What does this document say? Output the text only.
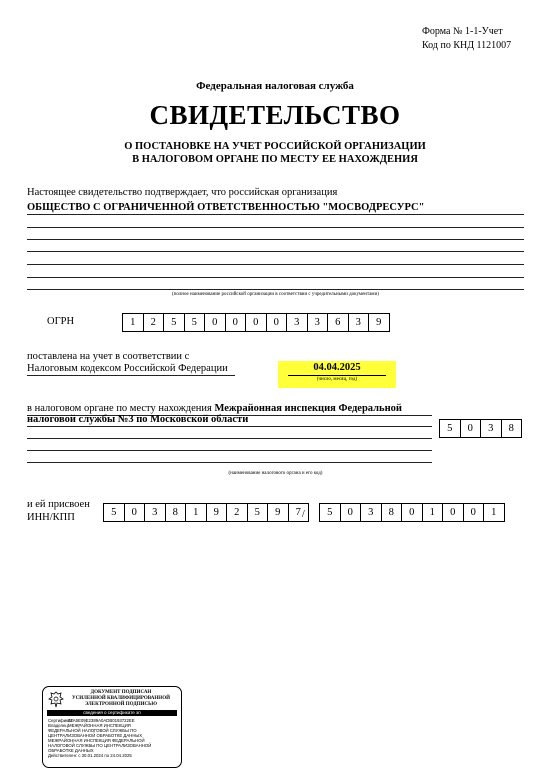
Форма № 1-1-Учет
Код по КНД 1121007
Федеральная налоговая служба
СВИДЕТЕЛЬСТВО
О ПОСТАНОВКЕ НА УЧЕТ РОССИЙСКОЙ ОРГАНИЗАЦИИ
В НАЛОГОВОМ ОРГАНЕ ПО МЕСТУ ЕЕ НАХОЖДЕНИЯ
Настоящее свидетельство подтверждает, что российская организация
ОБЩЕСТВО С ОГРАНИЧЕННОЙ ОТВЕТСТВЕННОСТЬЮ "МОСВОДРЕСУРС"
(полное наименование российской организации в соответствии с учредительными документами)
ОГРН	1	2	5	5	0	0	0	0	3	3	6	3	9
поставлена на учет в соответствии с
Налоговым кодексом Российской Федерации	04.04.2025
(число, месяц, год)
в налоговом органе по месту нахождения Межрайонная инспекция Федеральной
налоговой службы №3 по Московской области
5	0	3	8
(наименование налогового органа и его код)
и ей присвоен
ИНН/КПП	5	0	3	8	1	9	2	5	9	7 /	5	0	3	8	0	1	0	0	1
ДОКУМЕНТ ПОДПИСАН
УСИЛЕННОЙ КВАЛИФИЦИРОВАННОЙ
ЭЛЕКТРОННОЙ ПОДПИСЬЮ
сведения о сертификате эп
Сертификат:
02A5E09E2389A0ADB0193722EE
Владелец:
МЕЖРАЙОННАЯ ИНСПЕКЦИЯ
ФЕДЕРАЛЬНОЙ НАЛОГОВОЙ СЛУЖБЫ ПО
ЦЕНТРАЛИЗОВАННОЙ ОБРАБОТКЕ ДАННЫХ
МЕЖРАЙОННАЯ ИНСПЕКЦИЯ ФЕДЕРАЛЬНОЙ
НАЛОГОВОЙ СЛУЖБЫ ПО ЦЕНТРАЛИЗОВАННОЙ
ОБРАБОТКЕ ДАННЫХ
Действителен: с 30.01.2024 по 24.04.2025
